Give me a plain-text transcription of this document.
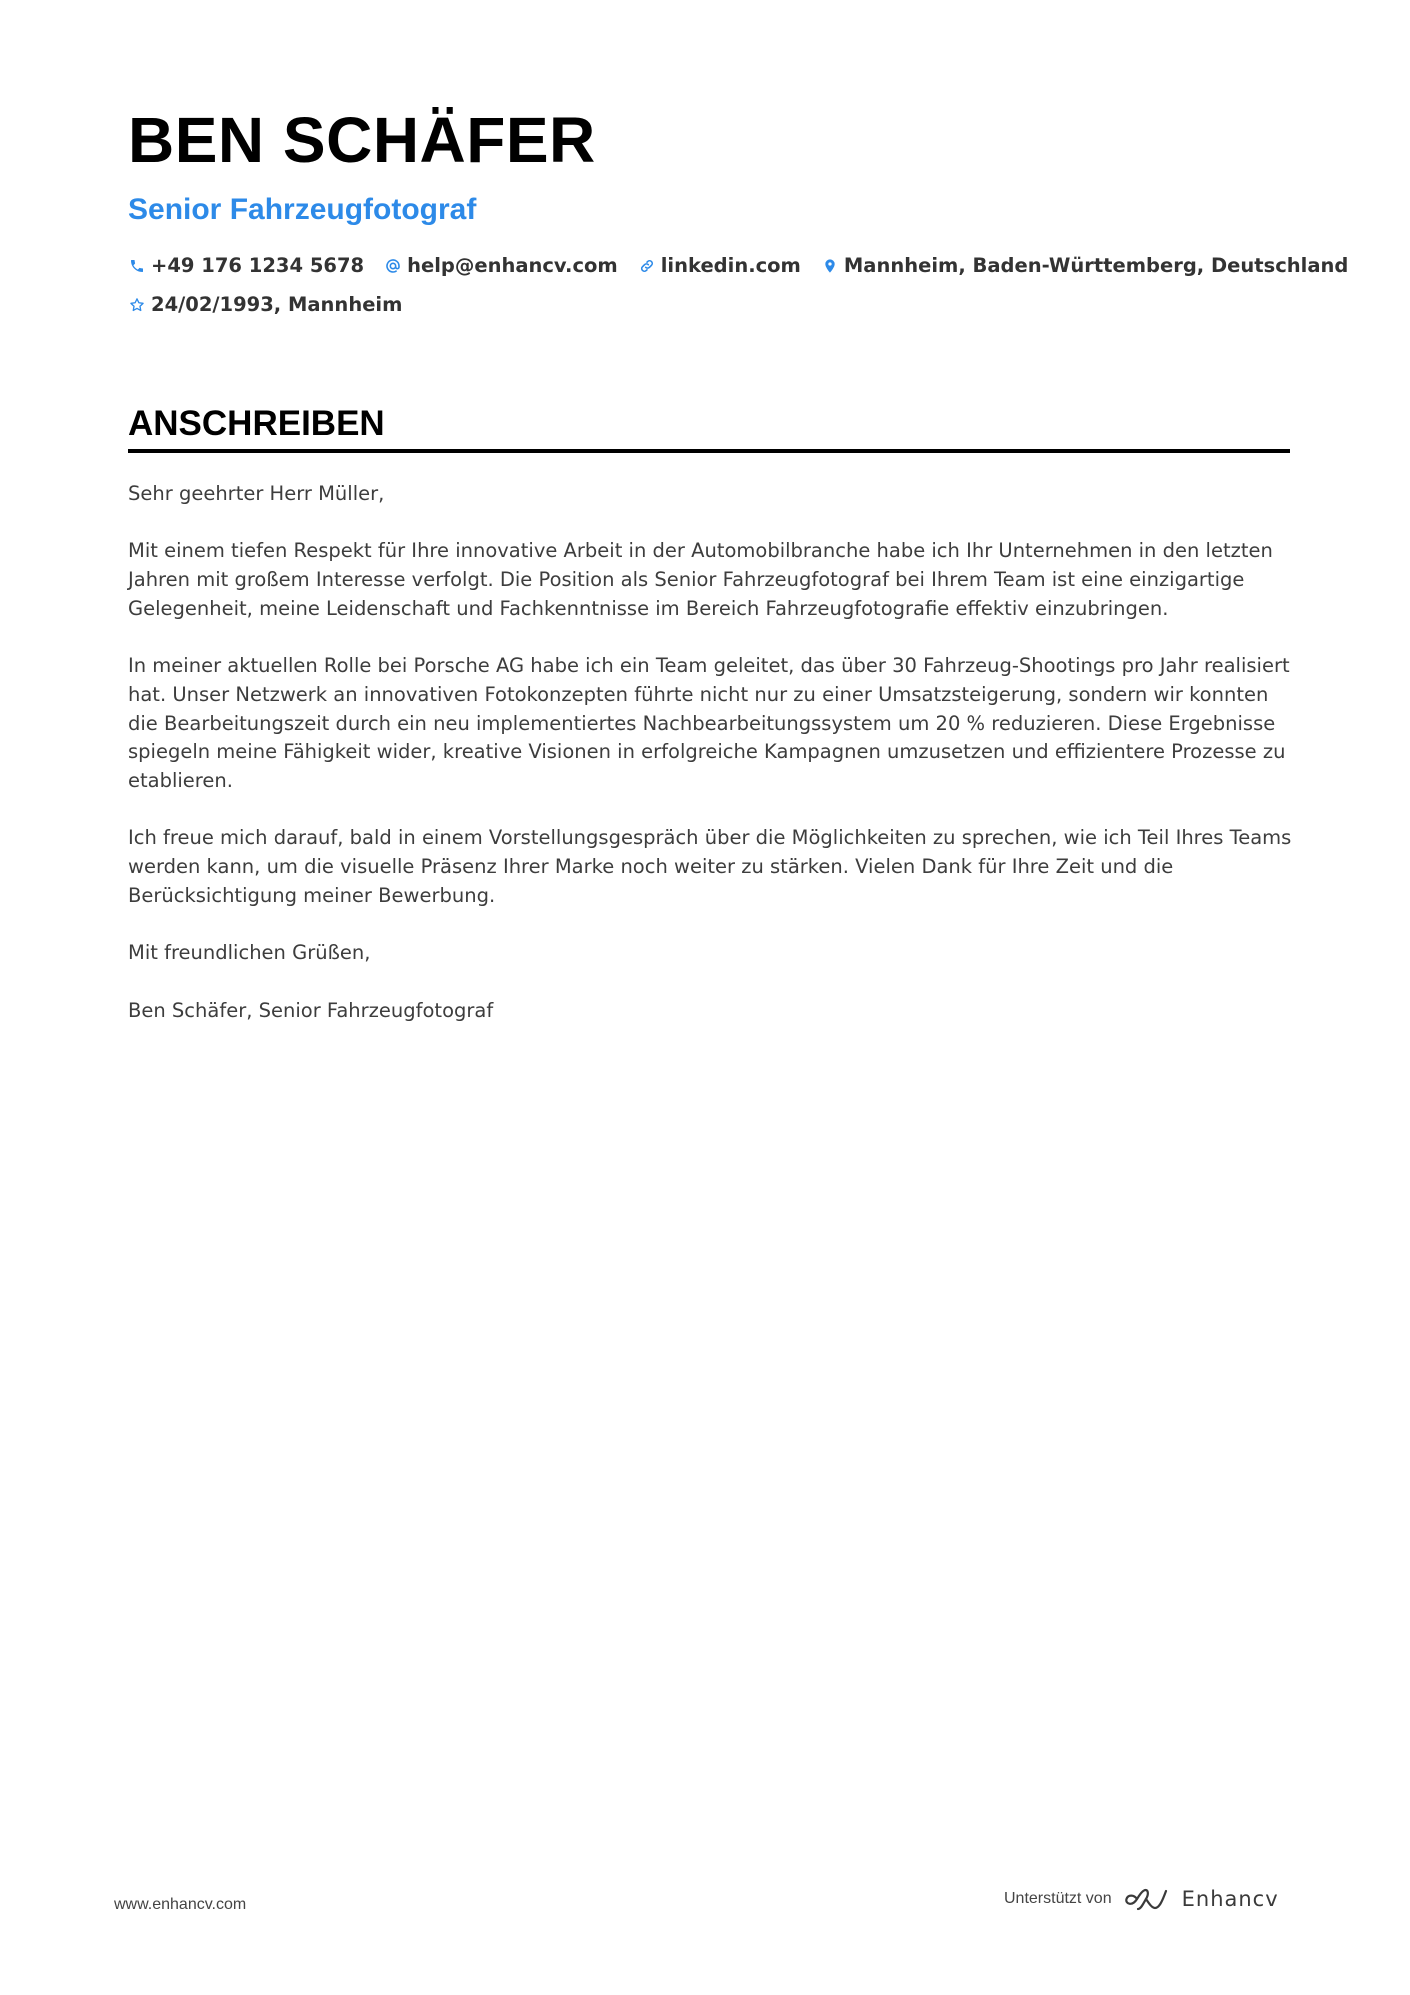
BEN SCHÄFER
Senior Fahrzeugfotograf
+49 176 1234 5678 help@enhancv.com linkedin.com Mannheim, Baden-Württemberg, Deutschland
24/02/1993, Mannheim
ANSCHREIBEN

Sehr geehrter Herr Müller,

Mit einem tiefen Respekt für Ihre innovative Arbeit in der Automobilbranche habe ich Ihr Unternehmen in den letzten Jahren mit großem Interesse verfolgt. Die Position als Senior Fahrzeugfotograf bei Ihrem Team ist eine einzigartige Gelegenheit, meine Leidenschaft und Fachkenntnisse im Bereich Fahrzeugfotografie effektiv einzubringen.

In meiner aktuellen Rolle bei Porsche AG habe ich ein Team geleitet, das über 30 Fahrzeug-Shootings pro Jahr realisiert hat. Unser Netzwerk an innovativen Fotokonzepten führte nicht nur zu einer Umsatzsteigerung, sondern wir konnten die Bearbeitungszeit durch ein neu implementiertes Nachbearbeitungssystem um 20 % reduzieren. Diese Ergebnisse spiegeln meine Fähigkeit wider, kreative Visionen in erfolgreiche Kampagnen umzusetzen und effizientere Prozesse zu etablieren.

Ich freue mich darauf, bald in einem Vorstellungsgespräch über die Möglichkeiten zu sprechen, wie ich Teil Ihres Teams werden kann, um die visuelle Präsenz Ihrer Marke noch weiter zu stärken. Vielen Dank für Ihre Zeit und die Berücksichtigung meiner Bewerbung.

Mit freundlichen Grüßen,

Ben Schäfer, Senior Fahrzeugfotograf

www.enhancv.com	Unterstützt von	Enhancv
